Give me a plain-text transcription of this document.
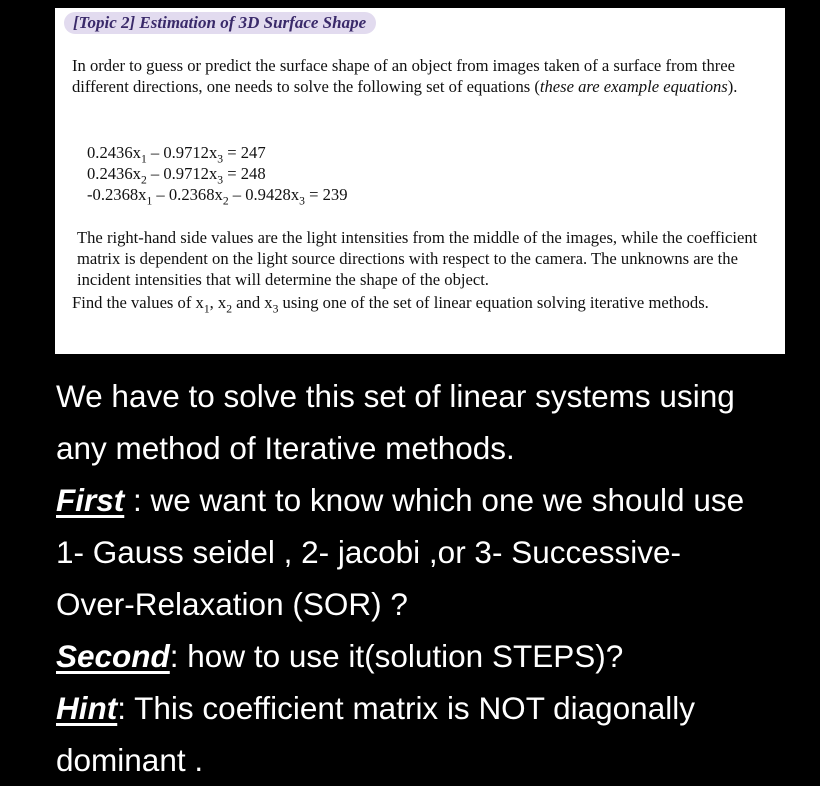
[Topic 2] Estimation of 3D Surface Shape

In order to guess or predict the surface shape of an object from images taken of a surface from three different directions, one needs to solve the following set of equations (these are example equations).

$0.2436x_1 - 0.9712x_3 = 247$
$0.2436x_2 - 0.9712x_3 = 248$
$-0.2368x_1 - 0.2368x_2 - 0.9428x_3 = 239$

The right-hand side values are the light intensities from the middle of the images, while the coefficient matrix is dependent on the light source directions with respect to the camera. The unknowns are the incident intensities that will determine the shape of the object.

Find the values of $x_1$, $x_2$ and $x_3$ using one of the set of linear equation solving iterative methods.

We have to solve this set of linear systems using
any method of Iterative methods.
First : we want to know which one we should use
1- Gauss seidel , 2- jacobi ,or 3- Successive-
Over-Relaxation (SOR) ?
Second: how to use it(solution STEPS)?
Hint: This coefficient matrix is NOT diagonally
dominant .
